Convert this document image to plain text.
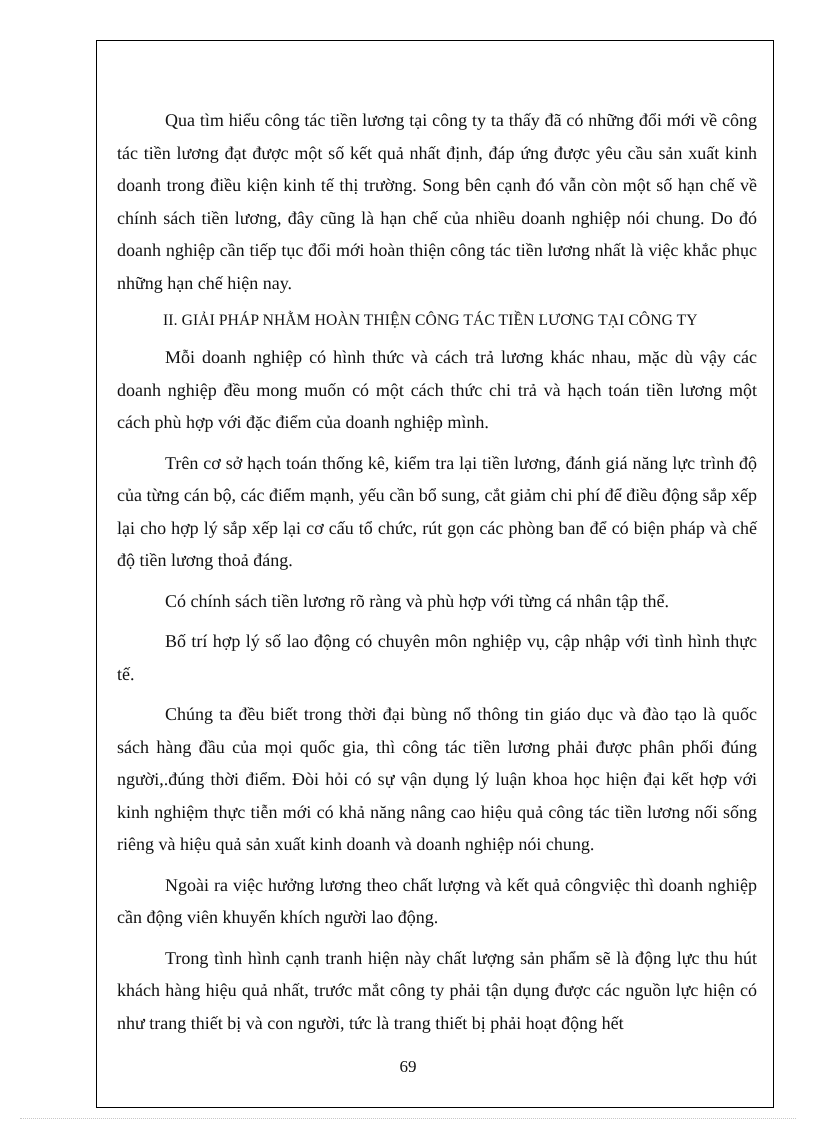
Qua tìm hiểu công tác tiền lương tại công ty ta thấy đã có những đổi mới về công tác tiền lương đạt được một số kết quả nhất định, đáp ứng được yêu cầu sản xuất kinh doanh trong điều kiện kinh tế thị trường. Song bên cạnh đó vẫn còn một số hạn chế về chính sách tiền lương, đây cũng là hạn chế của nhiều doanh nghiệp nói chung. Do đó doanh nghiệp cần tiếp tục đổi mới hoàn thiện công tác tiền lương nhất là việc khắc phục những hạn chế hiện nay.

II. GIẢI PHÁP NHẰM HOÀN THIỆN CÔNG TÁC TIỀN LƯƠNG TẠI CÔNG TY

Mỗi doanh nghiệp có hình thức và cách trả lương khác nhau, mặc dù vậy các doanh nghiệp đều mong muốn có một cách thức chi trả và hạch toán tiền lương một cách phù hợp với đặc điểm của doanh nghiệp mình.

Trên cơ sở hạch toán thống kê, kiểm tra lại tiền lương, đánh giá năng lực trình độ của từng cán bộ, các điểm mạnh, yếu cần bổ sung, cắt giảm chi phí để điều động sắp xếp lại cho hợp lý sắp xếp lại cơ cấu tổ chức, rút gọn các phòng ban để có biện pháp và chế độ tiền lương thoả đáng.

Có chính sách tiền lương rõ ràng và phù hợp với từng cá nhân tập thể.

Bố trí hợp lý số lao động có chuyên môn nghiệp vụ, cập nhập với tình hình thực tế.

Chúng ta đều biết trong thời đại bùng nổ thông tin giáo dục và đào tạo là quốc sách hàng đầu của mọi quốc gia, thì công tác tiền lương phải được phân phối đúng người,.đúng thời điểm. Đòi hỏi có sự vận dụng lý luận khoa học hiện đại kết hợp với kinh nghiệm thực tiễn mới có khả năng nâng cao hiệu quả công tác tiền lương nối sống riêng và hiệu quả sản xuất kinh doanh và doanh nghiệp nói chung.

Ngoài ra việc hưởng lương theo chất lượng và kết quả côngviệc thì doanh nghiệp cần động viên khuyến khích người lao động.

Trong tình hình cạnh tranh hiện này chất lượng sản phẩm sẽ là động lực thu hút khách hàng hiệu quả nhất, trước mắt công ty phải tận dụng được các nguồn lực hiện có như trang thiết bị và con người, tức là trang thiết bị phải hoạt động hết

69
